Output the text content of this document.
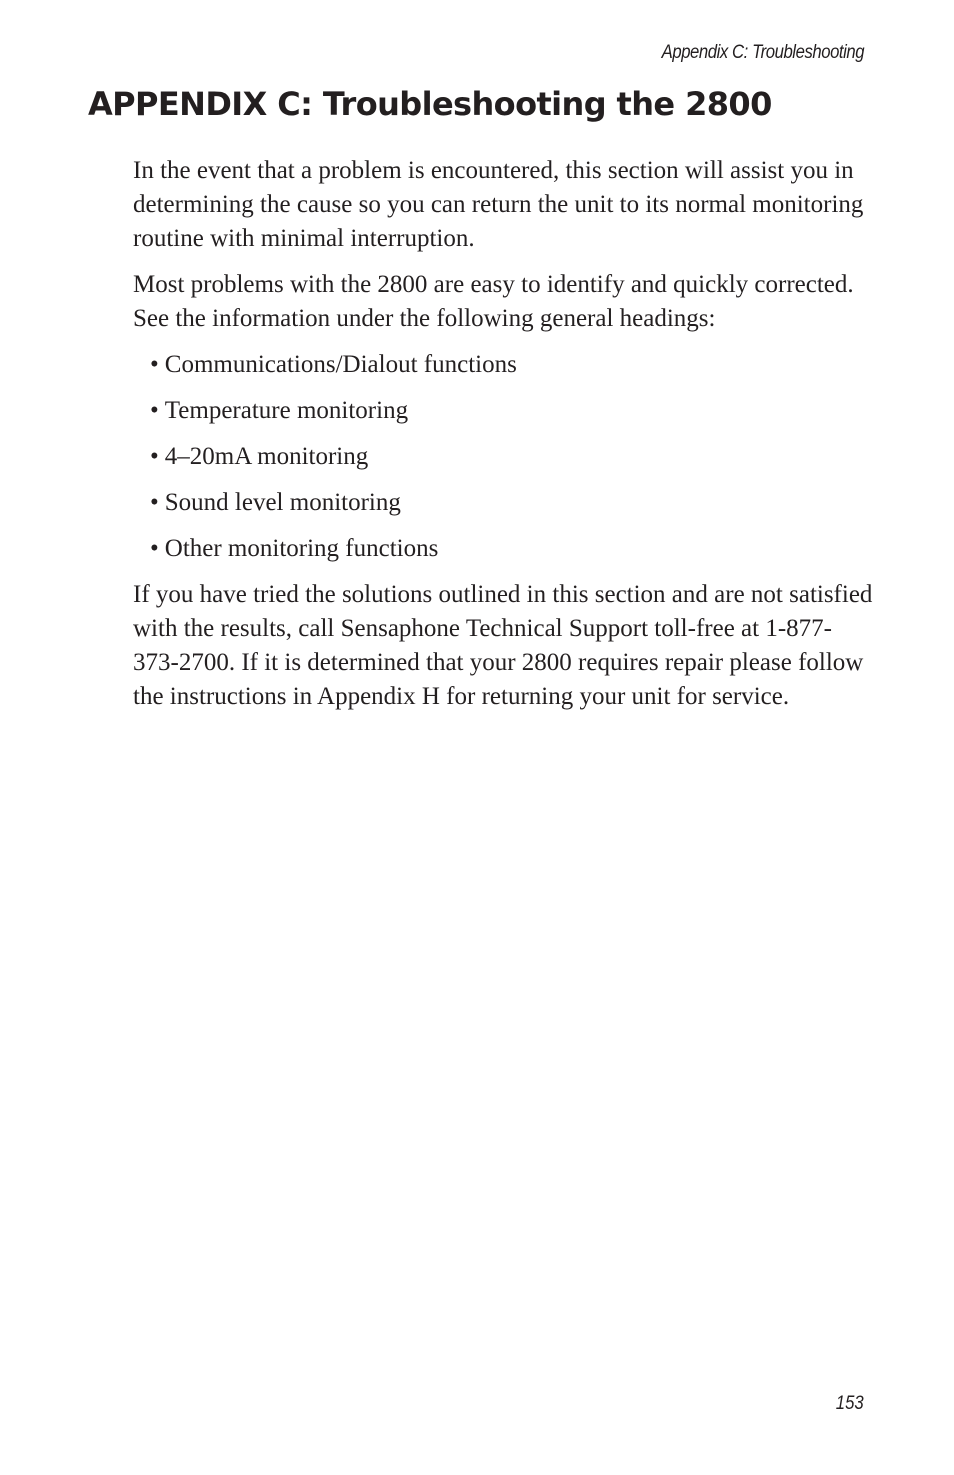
Appendix C: Troubleshooting
APPENDIX C: Troubleshooting the 2800

In the event that a problem is encountered, this section will assist you in determining the cause so you can return the unit to its normal monitoring routine with minimal interruption.

Most problems with the 2800 are easy to identify and quickly corrected. See the information under the following general headings:

• Communications/Dialout functions
• Temperature monitoring
• 4–20mA monitoring
• Sound level monitoring
• Other monitoring functions

If you have tried the solutions outlined in this section and are not satisfied with the results, call Sensaphone Technical Support toll-free at 1-877-373-2700. If it is determined that your 2800 requires repair please follow the instructions in Appendix H for returning your unit for service.

153
